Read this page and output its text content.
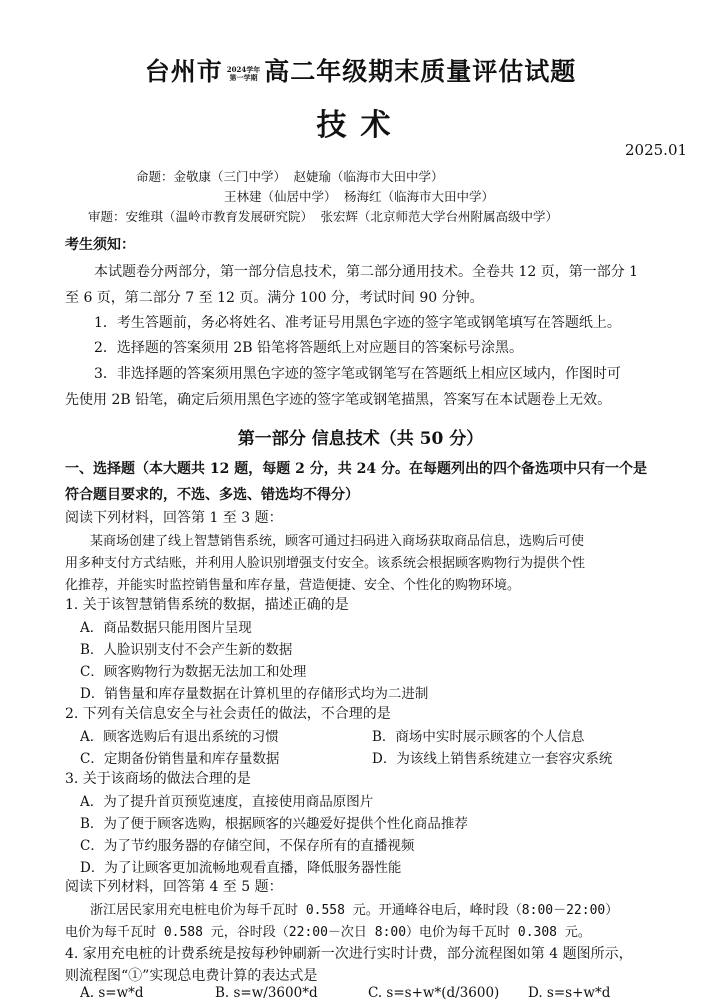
台州市 2024学年
第一学期 高二年级期末质量评估试题
技术
2025.01
命题：金敬康（三门中学） 赵婕瑜（临海市大田中学）
王林建（仙居中学） 杨海红（临海市大田中学）
审题：安维琪（温岭市教育发展研究院） 张宏辉（北京师范大学台州附属高级中学）
考生须知：
本试题卷分两部分，第一部分信息技术，第二部分通用技术。全卷共 12 页，第一部分 1
至 6 页，第二部分 7 至 12 页。满分 100 分，考试时间 90 分钟。
1．考生答题前，务必将姓名、准考证号用黑色字迹的签字笔或钢笔填写在答题纸上。
2．选择题的答案须用 2B 铅笔将答题纸上对应题目的答案标号涂黑。
3．非选择题的答案须用黑色字迹的签字笔或钢笔写在答题纸上相应区域内，作图时可
先使用 2B 铅笔，确定后须用黑色字迹的签字笔或钢笔描黑，答案写在本试题卷上无效。
第一部分 信息技术（共 50 分）
一、选择题（本大题共 12 题，每题 2 分，共 24 分。在每题列出的四个备选项中只有一个是
符合题目要求的，不选、多选、错选均不得分）
阅读下列材料，回答第 1 至 3 题：
某商场创建了线上智慧销售系统，顾客可通过扫码进入商场获取商品信息，选购后可使
用多种支付方式结账，并利用人脸识别增强支付安全。该系统会根据顾客购物行为提供个性
化推荐，并能实时监控销售量和库存量，营造便捷、安全、个性化的购物环境。
1. 关于该智慧销售系统的数据，描述正确的是
A．商品数据只能用图片呈现
B．人脸识别支付不会产生新的数据
C．顾客购物行为数据无法加工和处理
D．销售量和库存量数据在计算机里的存储形式均为二进制
2. 下列有关信息安全与社会责任的做法，不合理的是
A．顾客选购后有退出系统的习惯	B．商场中实时展示顾客的个人信息
C．定期备份销售量和库存量数据	D．为该线上销售系统建立一套容灾系统
3. 关于该商场的做法合理的是
A．为了提升首页预览速度，直接使用商品原图片
B．为了便于顾客选购，根据顾客的兴趣爱好提供个性化商品推荐
C．为了节约服务器的存储空间，不保存所有的直播视频
D．为了让顾客更加流畅地观看直播，降低服务器性能
阅读下列材料，回答第 4 至 5 题：
浙江居民家用充电桩电价为每千瓦时 0.558 元。开通峰谷电后，峰时段（8:00－22:00）
电价为每千瓦时 0.588 元，谷时段（22:00－次日 8:00）电价为每千瓦时 0.308 元。
4. 家用充电桩的计费系统是按每秒钟刷新一次进行实时计费，部分流程图如第 4 题图所示，
则流程图“①”实现总电费计算的表达式是
A. s=w*d	B. s=w/3600*d	C. s=s+w*(d/3600) D. s=s+w*d
